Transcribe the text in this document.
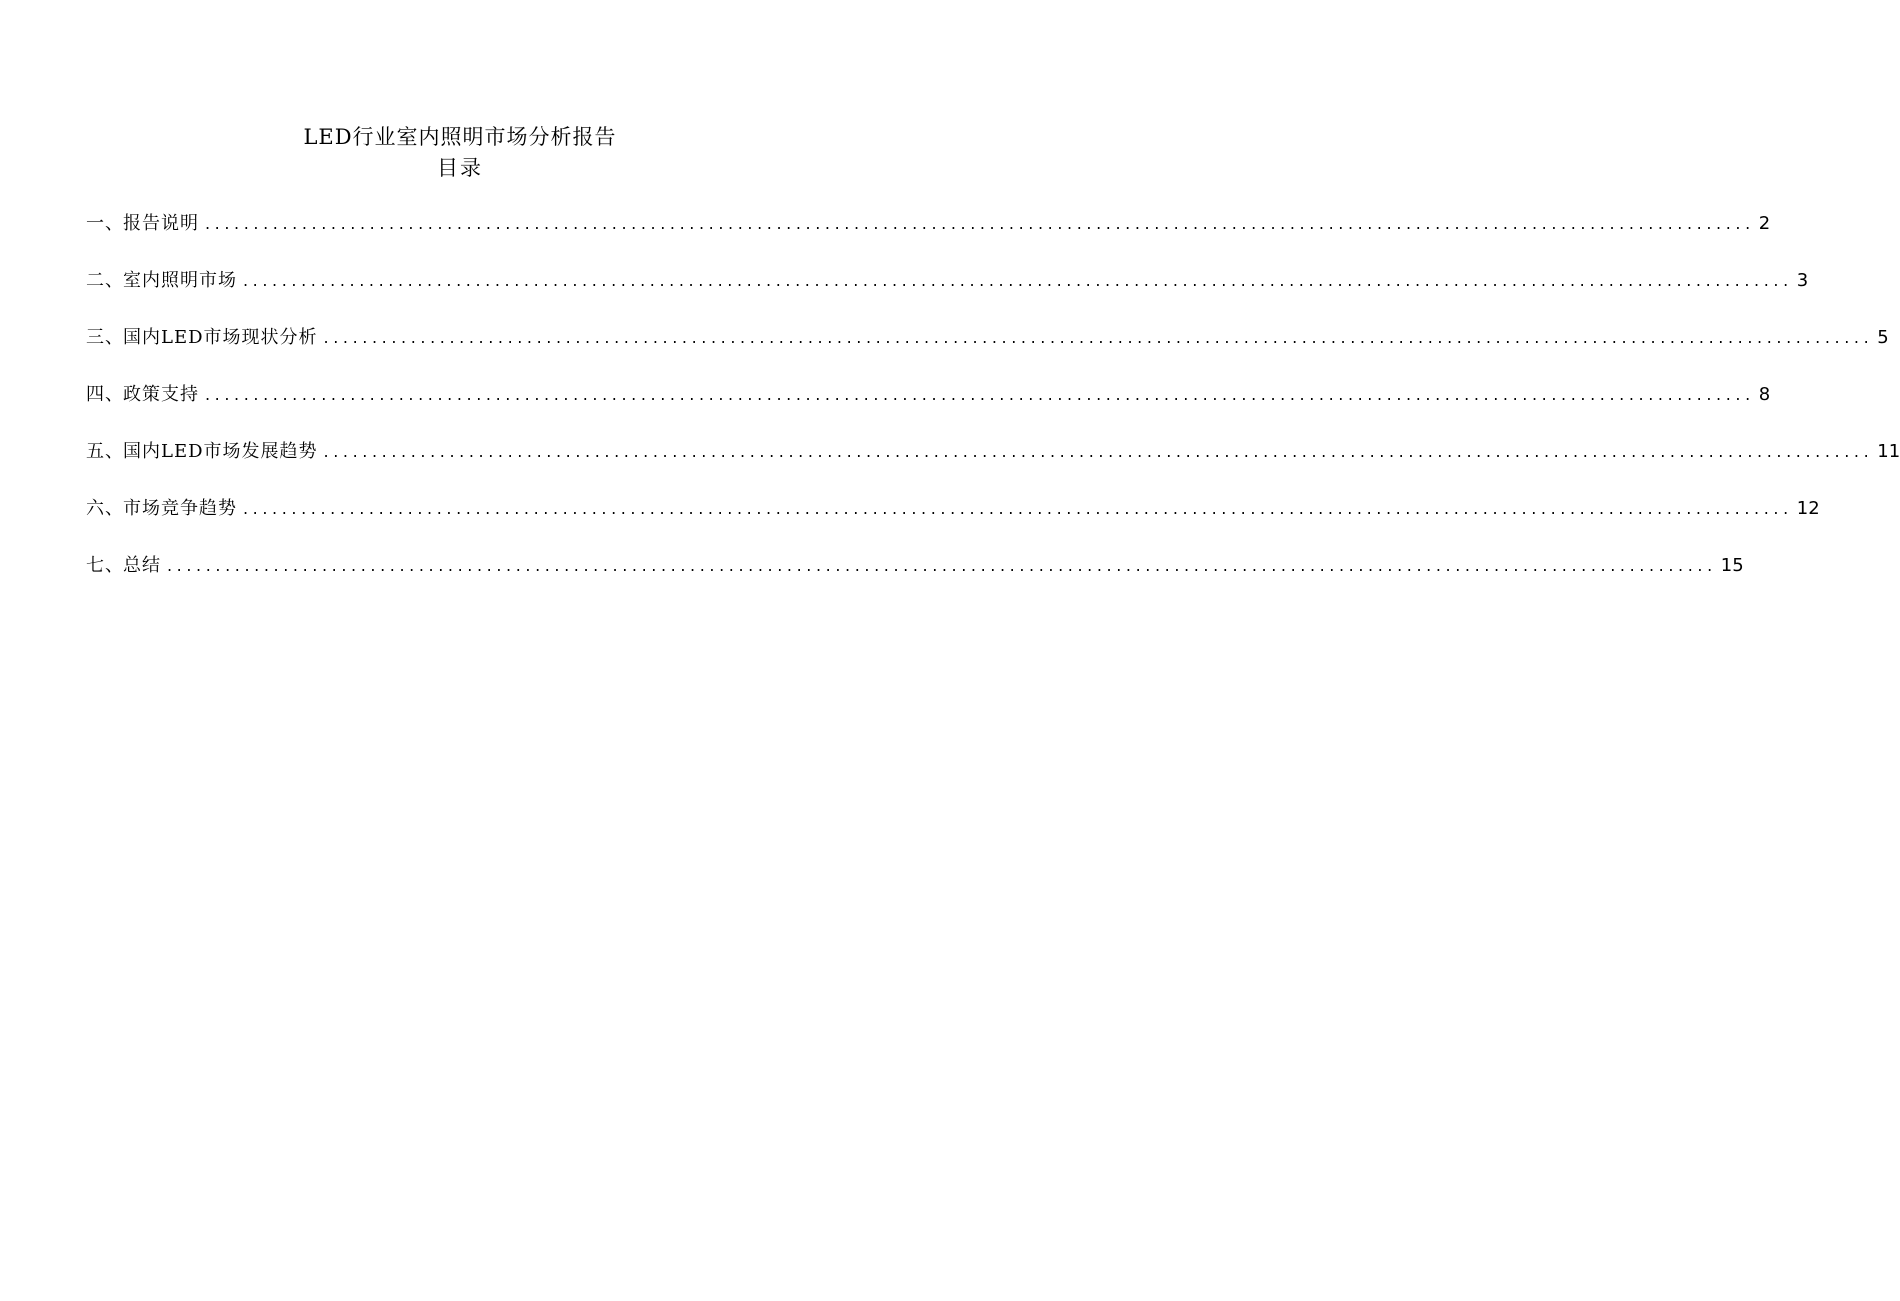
LED行业室内照明市场分析报告
目录
一 、 报告说明 ................................................................................................................................................................ 2
二 、 室内照明市场 ................................................................................................................................................................ 3
三 、 国内LED市场现状分析 ................................................................................................................................................................ 5
四 、 政策支持 ................................................................................................................................................................ 8
五 、 国内LED市场发展趋势 ................................................................................................................................................................ 11
六 、 市场竞争趋势 ................................................................................................................................................................ 12
七 、 总结 ................................................................................................................................................................ 15
